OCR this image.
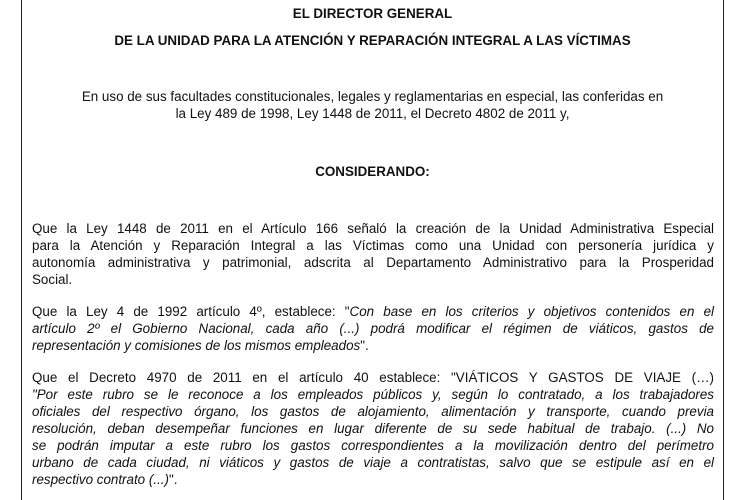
EL DIRECTOR GENERAL
DE LA UNIDAD PARA LA ATENCIÓN Y REPARACIÓN INTEGRAL A LAS VÍCTIMAS
En uso de sus facultades constitucionales, legales y reglamentarias en especial, las conferidas en
la Ley 489 de 1998, Ley 1448 de 2011, el Decreto 4802 de 2011 y,
CONSIDERANDO:
Que la Ley 1448 de 2011 en el Artículo 166 señaló la creación de la Unidad Administrativa Especial
para la Atención y Reparación Integral a las Víctimas como una Unidad con personería jurídica y
autonomía administrativa y patrimonial, adscrita al Departamento Administrativo para la Prosperidad
Social.
Que la Ley 4 de 1992 artículo 4º, establece: "Con base en los criterios y objetivos contenidos en el
artículo 2º el Gobierno Nacional, cada año (...) podrá modificar el régimen de viáticos, gastos de
representación y comisiones de los mismos empleados".
Que el Decreto 4970 de 2011 en el artículo 40 establece: "VIÁTICOS Y GASTOS DE VIAJE (…)
"Por este rubro se le reconoce a los empleados públicos y, según lo contratado, a los trabajadores
oficiales del respectivo órgano, los gastos de alojamiento, alimentación y transporte, cuando previa
resolución, deban desempeñar funciones en lugar diferente de su sede habitual de trabajo. (...) No
se podrán imputar a este rubro los gastos correspondientes a la movilización dentro del perímetro
urbano de cada ciudad, ni viáticos y gastos de viaje a contratistas, salvo que se estipule así en el
respectivo contrato (...)".
